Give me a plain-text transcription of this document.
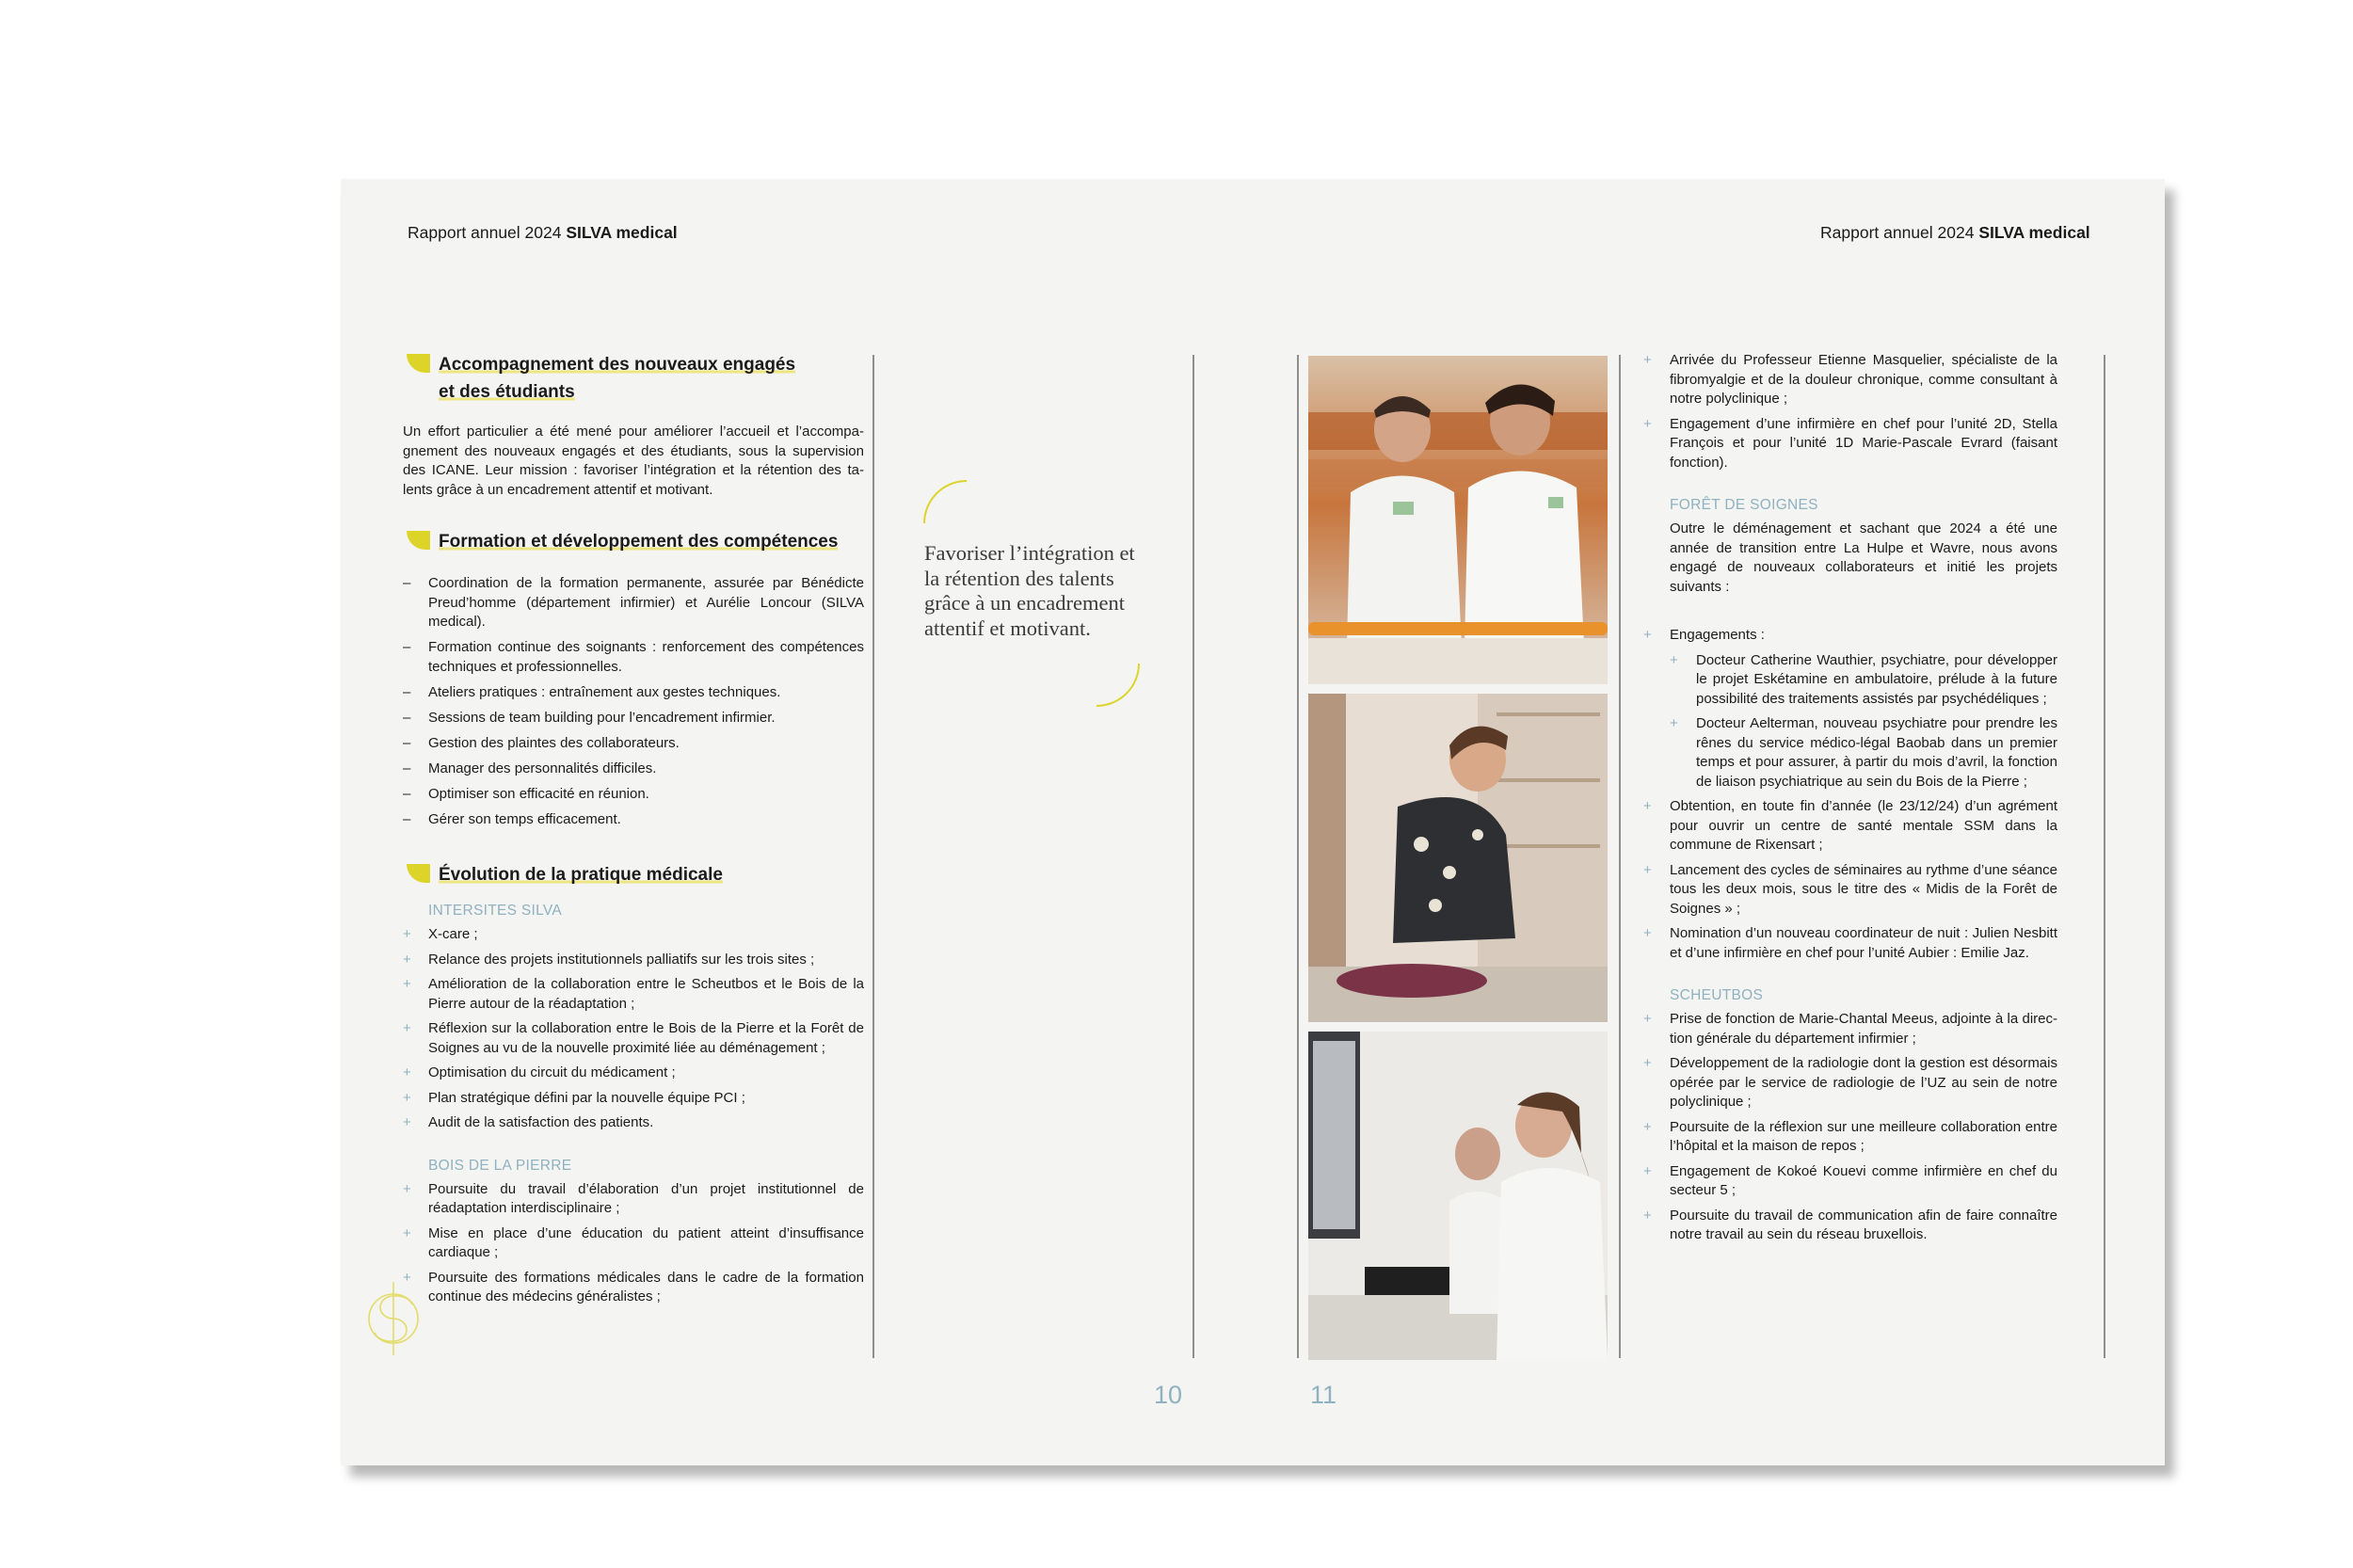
Rapport annuel 2024 SILVA medical	Rapport annuel 2024 SILVA medical
Accompagnement des nouveaux engagés
et des étudiants

Un effort particulier a été mené pour améliorer l’accueil et l’accompagnement des nouveaux engagés et des étudiants, sous la supervision des ICANE. Leur mission : favoriser l’intégration et la rétention des talents grâce à un encadrement attentif et motivant.

Formation et développement des compétences
– Coordination de la formation permanente, assurée par Bénédicte Preud’homme (département infirmier) et Aurélie Loncour (SILVA medical).
– Formation continue des soignants : renforcement des compétences techniques et professionnelles.
– Ateliers pratiques : entraînement aux gestes techniques.
– Sessions de team building pour l’encadrement infirmier.
– Gestion des plaintes des collaborateurs.
– Manager des personnalités difficiles.
– Optimiser son efficacité en réunion.
– Gérer son temps efficacement.
Évolution de la pratique médicale
INTERSITES SILVA
+ X-care ;
+ Relance des projets institutionnels palliatifs sur les trois sites ;
+ Amélioration de la collaboration entre le Scheutbos et le Bois de la Pierre autour de la réadaptation ;
+ Réflexion sur la collaboration entre le Bois de la Pierre et la Forêt de Soignes au vu de la nouvelle proximité liée au déménagement ;
+ Optimisation du circuit du médicament ;
+ Plan stratégique défini par la nouvelle équipe PCI ;
+ Audit de la satisfaction des patients.
BOIS DE LA PIERRE
+ Poursuite du travail d’élaboration d’un projet institutionnel de réadaptation interdisciplinaire ;
+ Mise en place d’une éducation du patient atteint d’insuffisance cardiaque ;
+ Poursuite des formations médicales dans le cadre de la formation continue des médecins généralistes ;
Favoriser l’intégration et la rétention des talents grâce à un encadrement attentif et motivant.
+ Arrivée du Professeur Etienne Masquelier, spécialiste de la fibromyalgie et de la douleur chronique, comme consultant à notre polyclinique ;
+ Engagement d’une infirmière en chef pour l’unité 2D, Stella François et pour l’unité 1D Marie-Pascale Evrard (faisant fonction).
FORÊT DE SOIGNES

Outre le déménagement et sachant que 2024 a été une année de transition entre La Hulpe et Wavre, nous avons engagé de nouveaux collaborateurs et initié les projets suivants :

+ Engagements :
+ Docteur Catherine Wauthier, psychiatre, pour développer le projet Eskétamine en ambulatoire, prélude à la future possibilité des traitements assistés par psychédéliques ;
+ Docteur Aelterman, nouveau psychiatre pour prendre les rênes du service médico-légal Baobab dans un premier temps et pour assurer, à partir du mois d’avril, la fonction de liaison psychiatrique au sein du Bois de la Pierre ;
+ Obtention, en toute fin d’année (le 23/12/24) d’un agrément pour ouvrir un centre de santé mentale SSM dans la commune de Rixensart ;
+ Lancement des cycles de séminaires au rythme d’une séance tous les deux mois, sous le titre des « Midis de la Forêt de Soignes » ;
+ Nomination d’un nouveau coordinateur de nuit : Julien Nesbitt et d’une infirmière en chef pour l’unité Aubier : Emilie Jaz.
SCHEUTBOS
+ Prise de fonction de Marie-Chantal Meeus, adjointe à la direction générale du département infirmier ;
+ Développement de la radiologie dont la gestion est désormais opérée par le service de radiologie de l’UZ au sein de notre polyclinique ;
+ Poursuite de la réflexion sur une meilleure collaboration entre l’hôpital et la maison de repos ;
+ Engagement de Kokoé Kouevi comme infirmière en chef du secteur 5 ;
+ Poursuite du travail de communication afin de faire connaître notre travail au sein du réseau bruxellois.
10	11
